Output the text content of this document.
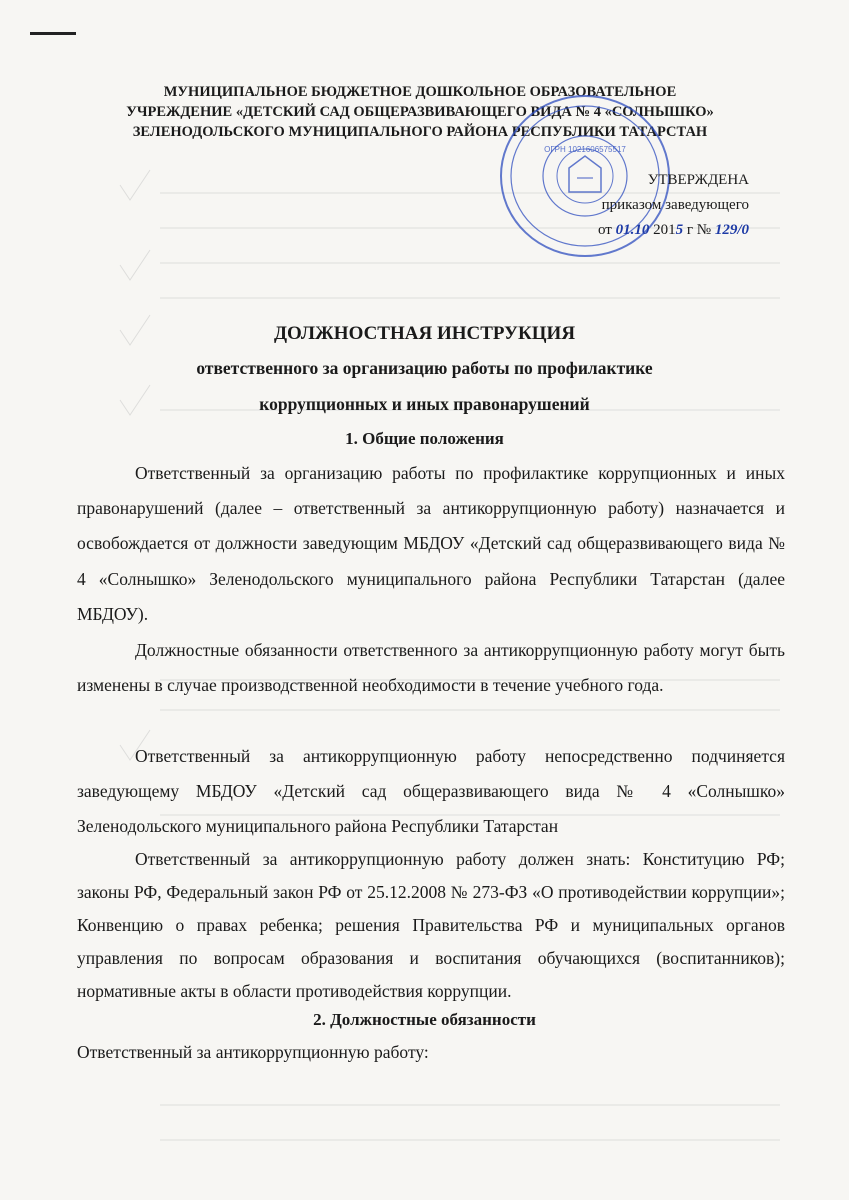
МУНИЦИПАЛЬНОЕ БЮДЖЕТНОЕ ДОШКОЛЬНОЕ ОБРАЗОВАТЕЛЬНОЕ
УЧРЕЖДЕНИЕ «ДЕТСКИЙ САД ОБЩЕРАЗВИВАЮЩЕГО ВИДА № 4 «СОЛНЫШКО»
ЗЕЛЕНОДОЛЬСКОГО МУНИЦИПАЛЬНОГО РАЙОНА РЕСПУБЛИКИ ТАТАРСТАН
ОГРН 1021606575517
УТВЕРЖДЕНА
приказом заведующего
от 01.10 2015 г № 129/0
ДОЛЖНОСТНАЯ ИНСТРУКЦИЯ
ответственного за организацию работы по профилактике
коррупционных и иных правонарушений
1. Общие положения

Ответственный за организацию работы по профилактике коррупционных и иных правонарушений (далее – ответственный за антикоррупционную работу) назначается и освобождается от должности заведующим МБДОУ «Детский сад общеразвивающего вида № 4 «Солнышко» Зеленодольского муниципального района Республики Татарстан (далее МБДОУ).

Должностные обязанности ответственного за антикоррупционную работу могут быть изменены в случае производственной необходимости в течение учебного года.

Ответственный за антикоррупционную работу непосредственно подчиняется заведующему МБДОУ «Детский сад общеразвивающего вида № 4 «Солнышко» Зеленодольского муниципального района Республики Татарстан

Ответственный за антикоррупционную работу должен знать: Конституцию РФ; законы РФ, Федеральный закон РФ от 25.12.2008 № 273-ФЗ «О противодействии коррупции»; Конвенцию о правах ребенка; решения Правительства РФ и муниципальных органов управления по вопросам образования и воспитания обучающихся (воспитанников); нормативные акты в области противодействия коррупции.

2. Должностные обязанности
Ответственный за антикоррупционную работу:
